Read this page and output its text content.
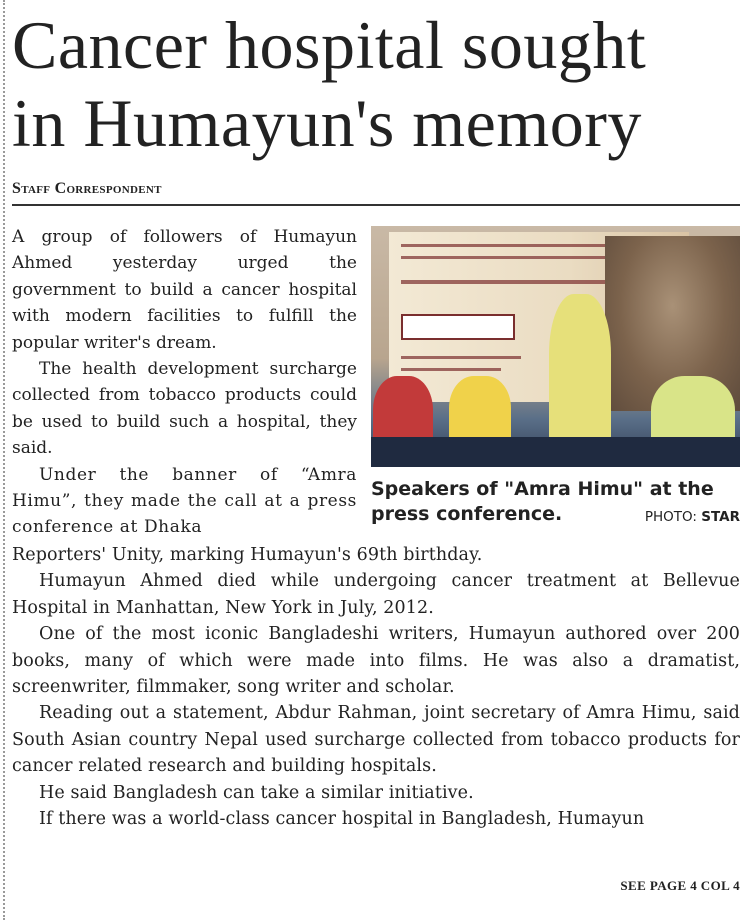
Cancer hospital sought
in Humayun's memory
Staff Correspondent

A group of followers of Humayun Ahmed yesterday urged the government to build a cancer hospital with modern facilities to fulfill the popular writer's dream.

The health development surcharge collected from tobacco products could be used to build such a hospital, they said.

Under the banner of “Amra Himu”, they made the call at a press conference at Dhaka

Speakers of "Amra Himu" at the press conference.	PHOTO: STAR

Reporters' Unity, marking Humayun's 69th birthday.

Humayun Ahmed died while undergoing cancer treatment at Bellevue Hospital in Manhattan, New York in July, 2012.

One of the most iconic Bangladeshi writers, Humayun authored over 200 books, many of which were made into films. He was also a dramatist, screenwriter, filmmaker, song writer and scholar.

Reading out a statement, Abdur Rahman, joint secretary of Amra Himu, said South Asian country Nepal used surcharge collected from tobacco products for cancer related research and building hospitals.

He said Bangladesh can take a similar initiative.

If there was a world-class cancer hospital in Bangladesh, Humayun

SEE PAGE 4 COL 4
